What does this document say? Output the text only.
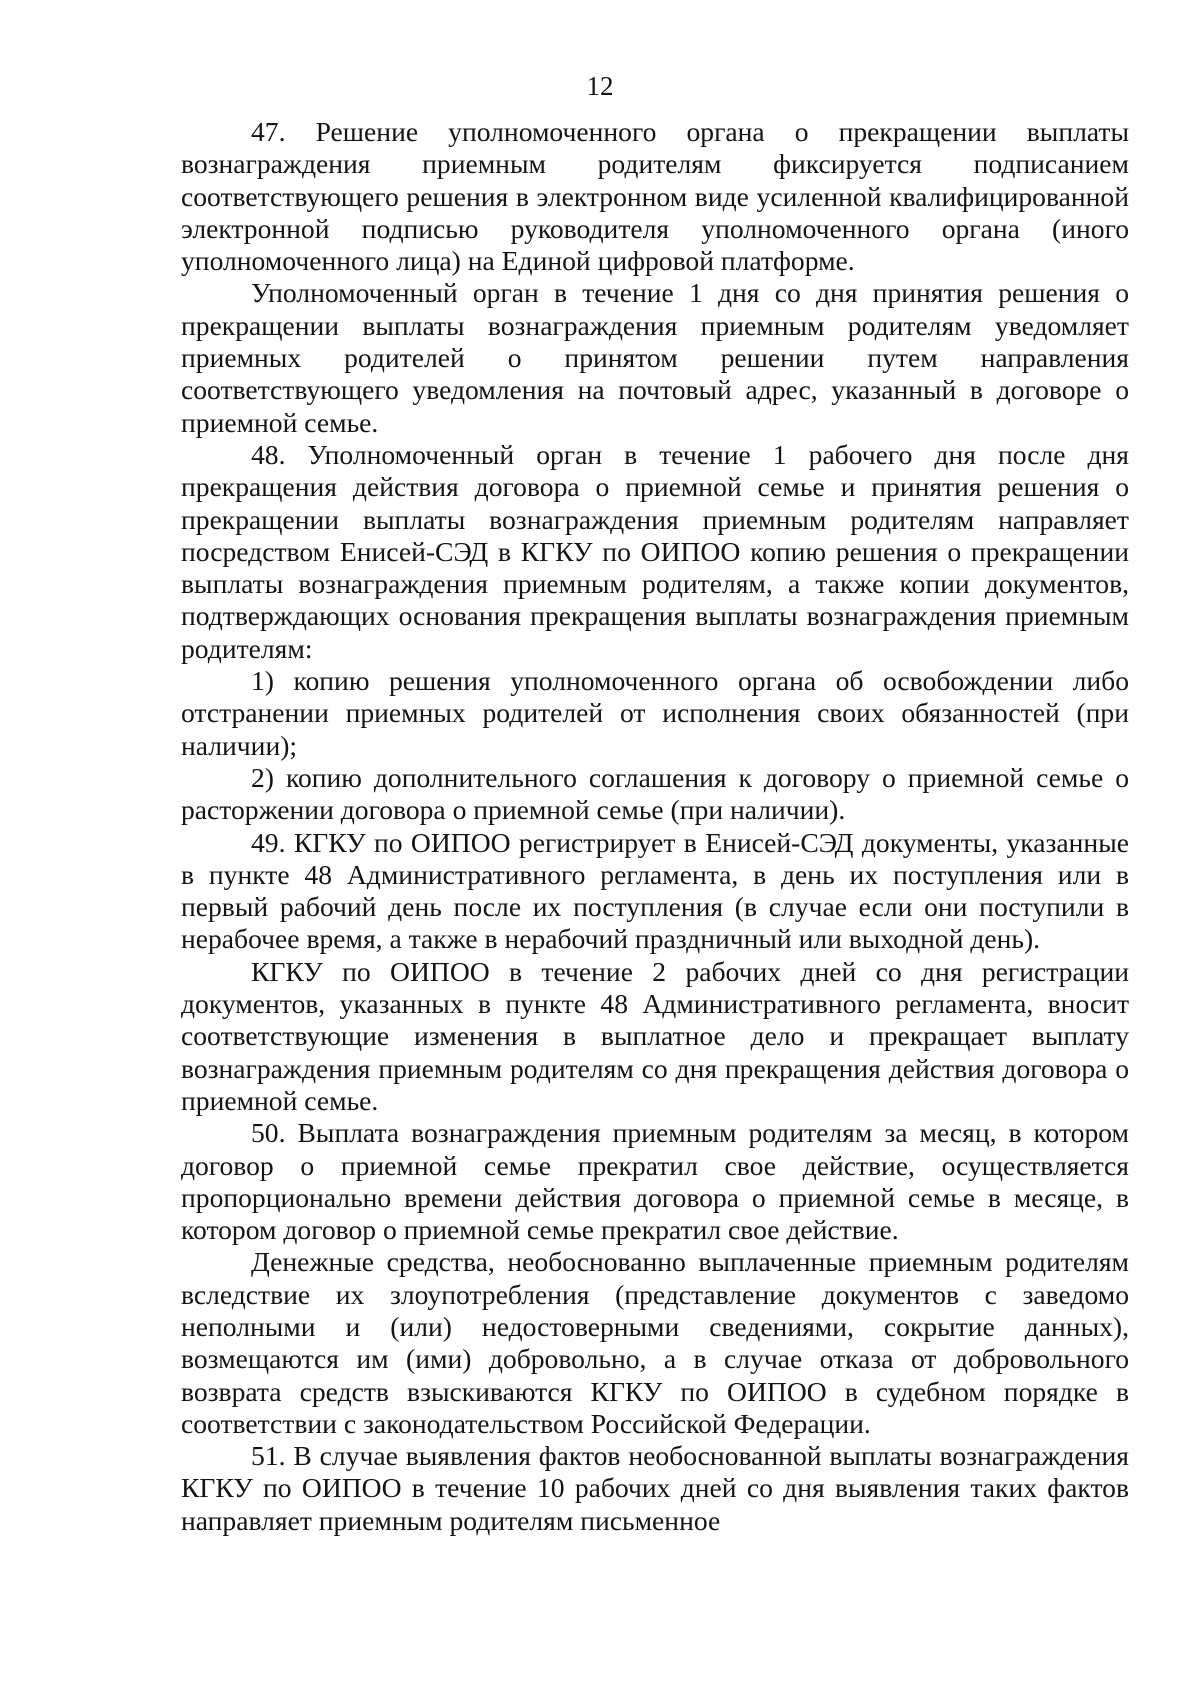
12

47. Решение уполномоченного органа о прекращении выплаты вознаграждения приемным родителям фиксируется подписанием соответствующего решения в электронном виде усиленной квалифицированной электронной подписью руководителя уполномоченного органа (иного уполномоченного лица) на Единой цифровой платформе.

Уполномоченный орган в течение 1 дня со дня принятия решения о прекращении выплаты вознаграждения приемным родителям уведомляет приемных родителей о принятом решении путем направления соответствующего уведомления на почтовый адрес, указанный в договоре о приемной семье.

48. Уполномоченный орган в течение 1 рабочего дня после дня прекращения действия договора о приемной семье и принятия решения о прекращении выплаты вознаграждения приемным родителям направляет посредством Енисей-СЭД в КГКУ по ОИПОО копию решения о прекращении выплаты вознаграждения приемным родителям, а также копии документов, подтверждающих основания прекращения выплаты вознаграждения приемным родителям:

1) копию решения уполномоченного органа об освобождении либо отстранении приемных родителей от исполнения своих обязанностей (при наличии);

2) копию дополнительного соглашения к договору о приемной семье о расторжении договора о приемной семье (при наличии).

49. КГКУ по ОИПОО регистрирует в Енисей-СЭД документы, указанные в пункте 48 Административного регламента, в день их поступления или в первый рабочий день после их поступления (в случае если они поступили в нерабочее время, а также в нерабочий праздничный или выходной день).

КГКУ по ОИПОО в течение 2 рабочих дней со дня регистрации документов, указанных в пункте 48 Административного регламента, вносит соответствующие изменения в выплатное дело и прекращает выплату вознаграждения приемным родителям со дня прекращения действия договора о приемной семье.

50. Выплата вознаграждения приемным родителям за месяц, в котором договор о приемной семье прекратил свое действие, осуществляется пропорционально времени действия договора о приемной семье в месяце, в котором договор о приемной семье прекратил свое действие.

Денежные средства, необоснованно выплаченные приемным родителям вследствие их злоупотребления (представление документов с заведомо неполными и (или) недостоверными сведениями, сокрытие данных), возмещаются им (ими) добровольно, а в случае отказа от добровольного возврата средств взыскиваются КГКУ по ОИПОО в судебном порядке в соответствии с законодательством Российской Федерации.

51. В случае выявления фактов необоснованной выплаты вознаграждения КГКУ по ОИПОО в течение 10 рабочих дней со дня выявления таких фактов направляет приемным родителям письменное
